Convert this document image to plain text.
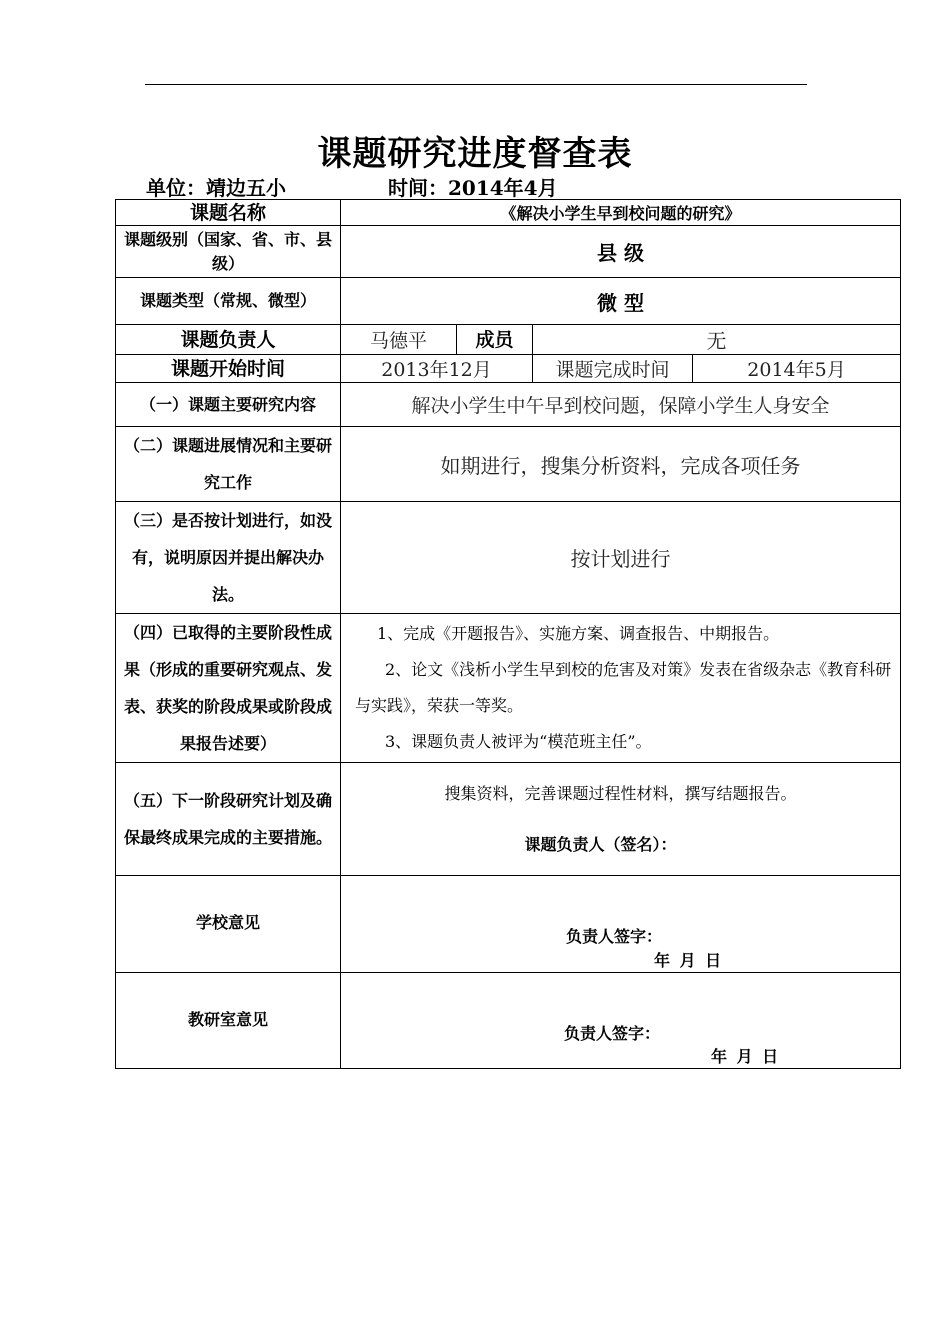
课题研究进度督查表
单位：靖边五小	时间：2014年4月
课题名称	《解决小学生早到校问题的研究》			
课题级别（国家、省、市、县级）	县 级			
课题类型（常规、微型）	微 型			
课题负责人	马德平	成员	无	
课题开始时间	2013年12月		课题完成时间	2014年5月
（一）课题主要研究内容	解决小学生中午早到校问题，保障小学生人身安全			
（二）课题进展情况和主要研究工作	如期进行，搜集分析资料，完成各项任务			
（三）是否按计划进行，如没有，说明原因并提出解决办法。	按计划进行			
（四）已取得的主要阶段性成果（形成的重要研究观点、发表、获奖的阶段成果或阶段成果报告述要）	1、完成《开题报告》、实施方案、调查报告、中期报告。

2、论文《浅析小学生早到校的危害及对策》发表在省级杂志《教育科研与实践》，荣获一等奖。

3、课题负责人被评为“模范班主任”。			

（五）下一阶段研究计划及确保最终成果完成的主要措施。	搜集资料，完善课题过程性材料，撰写结题报告。
课题负责人（签名）：			

学校意见	负责人签字：
年 月 日			

教研室意见	负责人签字：
年 月 日			
